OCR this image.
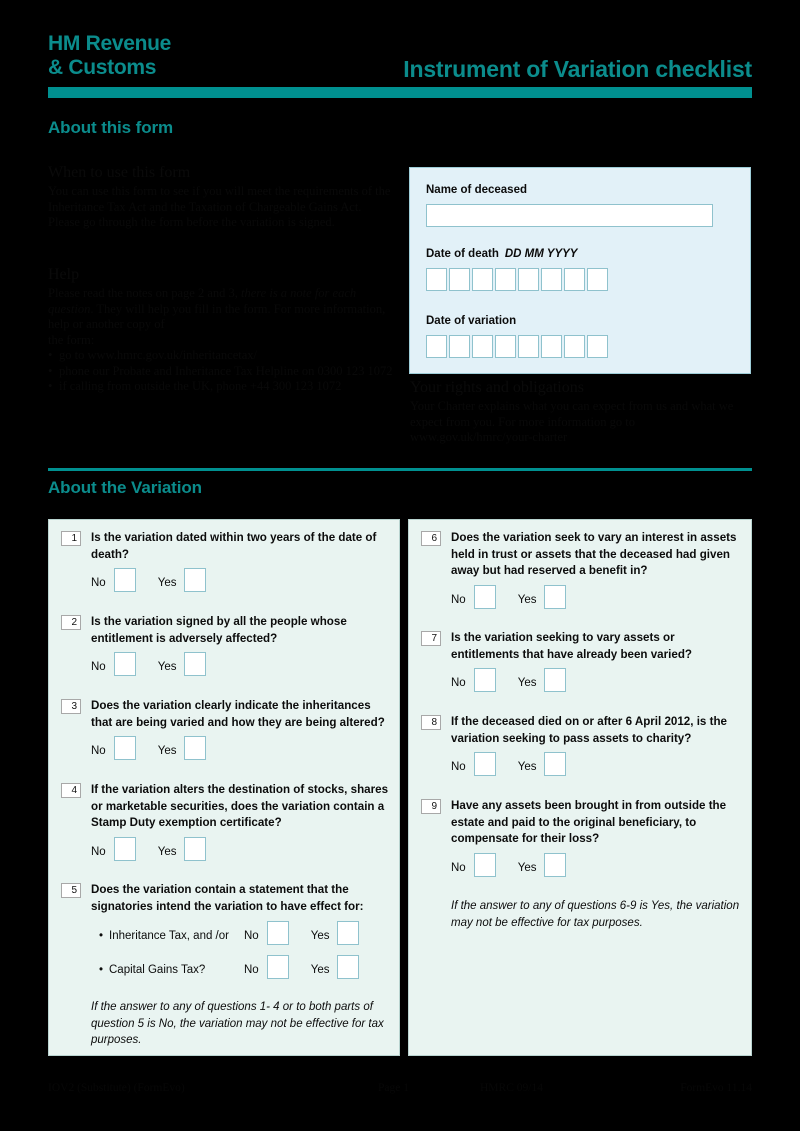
HM Revenue
& Customs	Instrument of Variation checklist
About this form
When to use this form
You can use this form to see if you will meet the requirements of the Inheritance Tax Act and the Taxation of Chargeable Gains Act. Please go through the form before the variation is signed.
Help
Please read the notes on page 2 and 3, there is a note for each question. They will help you fill in the form. For more information, help or another copy of
the form:
• go to www.hmrc.gov.uk/inheritancetax/
• phone our Probate and Inheritance Tax Helpline on 0300 123 1072
• if calling from outside the UK, phone +44 300 123 1072
Name of deceased
Date of death DD MM YYYY
Date of variation
Your rights and obligations
Your Charter explains what you can expect from us and what we expect from you. For more information go to www.gov.uk/hmrc/your-charter
About the Variation
1	Is the variation dated within two years of the date of death?
No	Yes
2	Is the variation signed by all the people whose entitlement is adversely affected?
No	Yes
3	Does the variation clearly indicate the inheritances that are being varied and how they are being altered?
No	Yes
4	If the variation alters the destination of stocks, shares or marketable securities, does the variation contain a Stamp Duty exemption certificate?
No	Yes
5	Does the variation contain a statement that the signatories intend the variation to have effect for:
• Inheritance Tax, and /or	No	Yes
• Capital Gains Tax?	No	Yes
If the answer to any of questions 1- 4 or to both parts of question 5 is No, the variation may not be effective for tax purposes.
6	Does the variation seek to vary an interest in assets held in trust or assets that the deceased had given away but had reserved a benefit in?
No	Yes
7	Is the variation seeking to vary assets or entitlements that have already been varied?
No	Yes
8	If the deceased died on or after 6 April 2012, is the variation seeking to pass assets to charity?
No	Yes
9	Have any assets been brought in from outside the estate and paid to the original beneficiary, to compensate for their loss?
No	Yes
If the answer to any of questions 6-9 is Yes, the variation may not be effective for tax purposes.
IOV2 (Substitute) (FormEvo)	Page 1	HMRC 09/14	FormEvo 11.14
